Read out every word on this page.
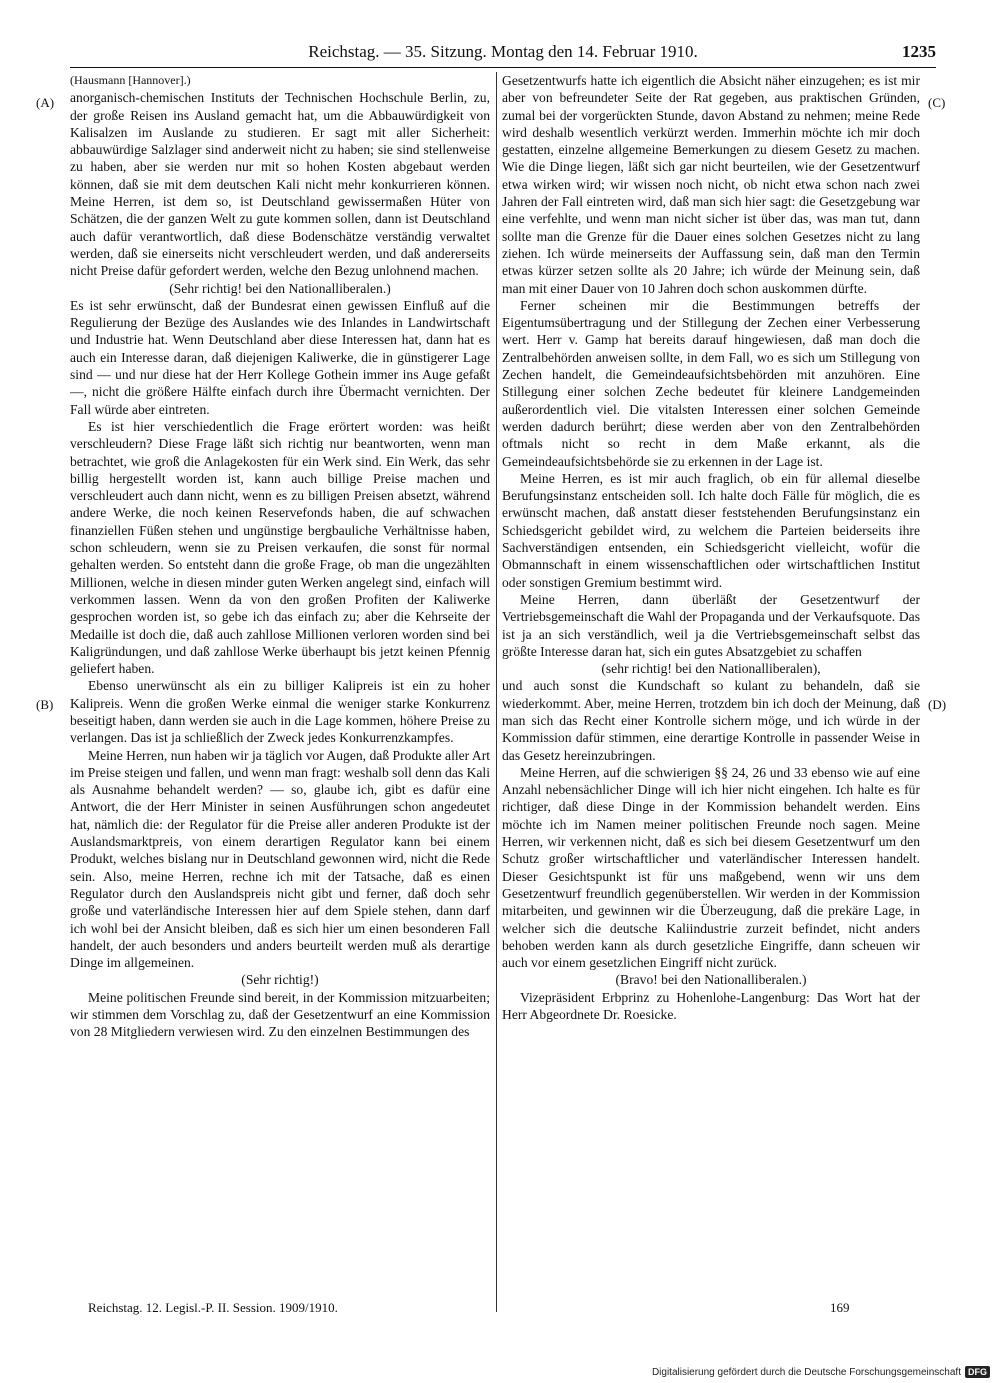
Reichstag. — 35. Sitzung. Montag den 14. Februar 1910.	1235
(A)
(B)
(C)
(D)

(Hausmann [Hannover].)

anorganisch-chemischen Instituts der Technischen Hochschule Berlin, zu, der große Reisen ins Ausland gemacht hat, um die Abbauwürdigkeit von Kalisalzen im Auslande zu studieren. Er sagt mit aller Sicherheit: abbauwürdige Salzlager sind anderweit nicht zu haben; sie sind stellenweise zu haben, aber sie werden nur mit so hohen Kosten abgebaut werden können, daß sie mit dem deutschen Kali nicht mehr konkurrieren können. Meine Herren, ist dem so, ist Deutschland gewissermaßen Hüter von Schätzen, die der ganzen Welt zu gute kommen sollen, dann ist Deutschland auch dafür verantwortlich, daß diese Bodenschätze verständig verwaltet werden, daß sie einerseits nicht verschleudert werden, und daß andererseits nicht Preise dafür gefordert werden, welche den Bezug unlohnend machen.

(Sehr richtig! bei den Nationalliberalen.)

Es ist sehr erwünscht, daß der Bundesrat einen gewissen Einfluß auf die Regulierung der Bezüge des Auslandes wie des Inlandes in Landwirtschaft und Industrie hat. Wenn Deutschland aber diese Interessen hat, dann hat es auch ein Interesse daran, daß diejenigen Kaliwerke, die in günstigerer Lage sind — und nur diese hat der Herr Kollege Gothein immer ins Auge gefaßt —, nicht die größere Hälfte einfach durch ihre Übermacht vernichten. Der Fall würde aber eintreten.

Es ist hier verschiedentlich die Frage erörtert worden: was heißt verschleudern? Diese Frage läßt sich richtig nur beantworten, wenn man betrachtet, wie groß die Anlagekosten für ein Werk sind. Ein Werk, das sehr billig hergestellt worden ist, kann auch billige Preise machen und verschleudert auch dann nicht, wenn es zu billigen Preisen absetzt, während andere Werke, die noch keinen Reservefonds haben, die auf schwachen finanziellen Füßen stehen und ungünstige bergbauliche Verhältnisse haben, schon schleudern, wenn sie zu Preisen verkaufen, die sonst für normal gehalten werden. So entsteht dann die große Frage, ob man die ungezählten Millionen, welche in diesen minder guten Werken angelegt sind, einfach will verkommen lassen. Wenn da von den großen Profiten der Kaliwerke gesprochen worden ist, so gebe ich das einfach zu; aber die Kehrseite der Medaille ist doch die, daß auch zahllose Millionen verloren worden sind bei Kaligründungen, und daß zahllose Werke überhaupt bis jetzt keinen Pfennig geliefert haben.

Ebenso unerwünscht als ein zu billiger Kalipreis ist ein zu hoher Kalipreis. Wenn die großen Werke einmal die weniger starke Konkurrenz beseitigt haben, dann werden sie auch in die Lage kommen, höhere Preise zu verlangen. Das ist ja schließlich der Zweck jedes Konkurrenzkampfes.

Meine Herren, nun haben wir ja täglich vor Augen, daß Produkte aller Art im Preise steigen und fallen, und wenn man fragt: weshalb soll denn das Kali als Ausnahme behandelt werden? — so, glaube ich, gibt es dafür eine Antwort, die der Herr Minister in seinen Ausführungen schon angedeutet hat, nämlich die: der Regulator für die Preise aller anderen Produkte ist der Auslandsmarktpreis, von einem derartigen Regulator kann bei einem Produkt, welches bislang nur in Deutschland gewonnen wird, nicht die Rede sein. Also, meine Herren, rechne ich mit der Tatsache, daß es einen Regulator durch den Auslandspreis nicht gibt und ferner, daß doch sehr große und vaterländische Interessen hier auf dem Spiele stehen, dann darf ich wohl bei der Ansicht bleiben, daß es sich hier um einen besonderen Fall handelt, der auch besonders und anders beurteilt werden muß als derartige Dinge im allgemeinen.

(Sehr richtig!)

Meine politischen Freunde sind bereit, in der Kommission mitzuarbeiten; wir stimmen dem Vorschlag zu, daß der Gesetzentwurf an eine Kommission von 28 Mitgliedern verwiesen wird. Zu den einzelnen Bestimmungen des

Gesetzentwurfs hatte ich eigentlich die Absicht näher einzugehen; es ist mir aber von befreundeter Seite der Rat gegeben, aus praktischen Gründen, zumal bei der vorgerückten Stunde, davon Abstand zu nehmen; meine Rede wird deshalb wesentlich verkürzt werden. Immerhin möchte ich mir doch gestatten, einzelne allgemeine Bemerkungen zu diesem Gesetz zu machen. Wie die Dinge liegen, läßt sich gar nicht beurteilen, wie der Gesetzentwurf etwa wirken wird; wir wissen noch nicht, ob nicht etwa schon nach zwei Jahren der Fall eintreten wird, daß man sich hier sagt: die Gesetzgebung war eine verfehlte, und wenn man nicht sicher ist über das, was man tut, dann sollte man die Grenze für die Dauer eines solchen Gesetzes nicht zu lang ziehen. Ich würde meinerseits der Auffassung sein, daß man den Termin etwas kürzer setzen sollte als 20 Jahre; ich würde der Meinung sein, daß man mit einer Dauer von 10 Jahren doch schon auskommen dürfte.

Ferner scheinen mir die Bestimmungen betreffs der Eigentumsübertragung und der Stillegung der Zechen einer Verbesserung wert. Herr v. Gamp hat bereits darauf hingewiesen, daß man doch die Zentralbehörden anweisen sollte, in dem Fall, wo es sich um Stillegung von Zechen handelt, die Gemeindeaufsichtsbehörden mit anzuhören. Eine Stillegung einer solchen Zeche bedeutet für kleinere Landgemeinden außerordentlich viel. Die vitalsten Interessen einer solchen Gemeinde werden dadurch berührt; diese werden aber von den Zentralbehörden oftmals nicht so recht in dem Maße erkannt, als die Gemeindeaufsichtsbehörde sie zu erkennen in der Lage ist.

Meine Herren, es ist mir auch fraglich, ob ein für allemal dieselbe Berufungsinstanz entscheiden soll. Ich halte doch Fälle für möglich, die es erwünscht machen, daß anstatt dieser feststehenden Berufungsinstanz ein Schiedsgericht gebildet wird, zu welchem die Parteien beiderseits ihre Sachverständigen entsenden, ein Schiedsgericht vielleicht, wofür die Obmannschaft in einem wissenschaftlichen oder wirtschaftlichen Institut oder sonstigen Gremium bestimmt wird.

Meine Herren, dann überläßt der Gesetzentwurf der Vertriebsgemeinschaft die Wahl der Propaganda und der Verkaufsquote. Das ist ja an sich verständlich, weil ja die Vertriebsgemeinschaft selbst das größte Interesse daran hat, sich ein gutes Absatzgebiet zu schaffen

(sehr richtig! bei den Nationalliberalen),

und auch sonst die Kundschaft so kulant zu behandeln, daß sie wiederkommt. Aber, meine Herren, trotzdem bin ich doch der Meinung, daß man sich das Recht einer Kontrolle sichern möge, und ich würde in der Kommission dafür stimmen, eine derartige Kontrolle in passender Weise in das Gesetz hereinzubringen.

Meine Herren, auf die schwierigen §§ 24, 26 und 33 ebenso wie auf eine Anzahl nebensächlicher Dinge will ich hier nicht eingehen. Ich halte es für richtiger, daß diese Dinge in der Kommission behandelt werden. Eins möchte ich im Namen meiner politischen Freunde noch sagen. Meine Herren, wir verkennen nicht, daß es sich bei diesem Gesetzentwurf um den Schutz großer wirtschaftlicher und vaterländischer Interessen handelt. Dieser Gesichtspunkt ist für uns maßgebend, wenn wir uns dem Gesetzentwurf freundlich gegenüberstellen. Wir werden in der Kommission mitarbeiten, und gewinnen wir die Überzeugung, daß die prekäre Lage, in welcher sich die deutsche Kaliindustrie zurzeit befindet, nicht anders behoben werden kann als durch gesetzliche Eingriffe, dann scheuen wir auch vor einem gesetzlichen Eingriff nicht zurück.

(Bravo! bei den Nationalliberalen.)

Vizepräsident Erbprinz zu Hohenlohe-Langenburg: Das Wort hat der Herr Abgeordnete Dr. Roesicke.

Reichstag. 12. Legisl.-P. II. Session. 1909/1910.	169
Digitalisierung gefördert durch die Deutsche Forschungsgemeinschaft DFG
